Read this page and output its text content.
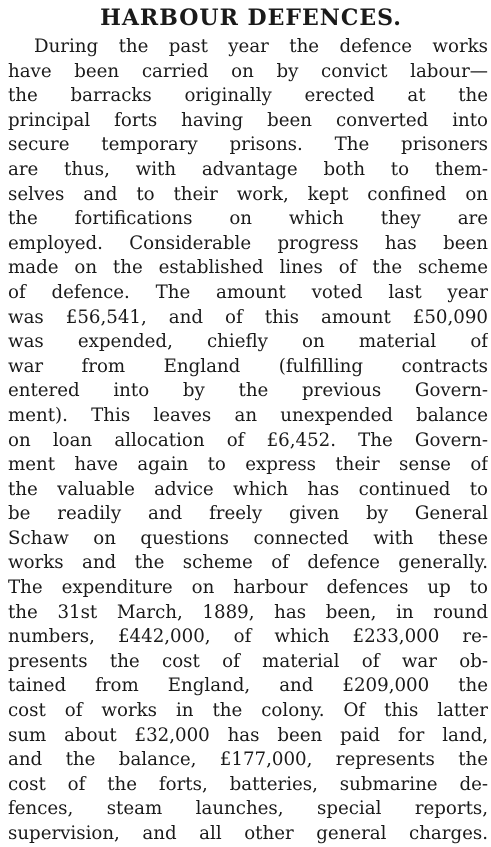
HARBOUR DEFENCES.
During the past year the defence works
have been carried on by convict labour—
the barracks originally erected at the
principal forts having been converted into
secure temporary prisons. The prisoners
are thus, with advantage both to them-
selves and to their work, kept confined on
the fortifications on which they are
employed. Considerable progress has been
made on the established lines of the scheme
of defence. The amount voted last year
was £56,541, and of this amount £50,090
was expended, chiefly on material of
war from England (fulfilling contracts
entered into by the previous Govern-
ment). This leaves an unexpended balance
on loan allocation of £6,452. The Govern-
ment have again to express their sense of
the valuable advice which has continued to
be readily and freely given by General
Schaw on questions connected with these
works and the scheme of defence generally.
The expenditure on harbour defences up to
the 31st March, 1889, has been, in round
numbers, £442,000, of which £233,000 re-
presents the cost of material of war ob-
tained from England, and £209,000 the
cost of works in the colony. Of this latter
sum about £32,000 has been paid for land,
and the balance, £177,000, represents the
cost of the forts, batteries, submarine de-
fences, steam launches, special reports,
supervision, and all other general charges.
